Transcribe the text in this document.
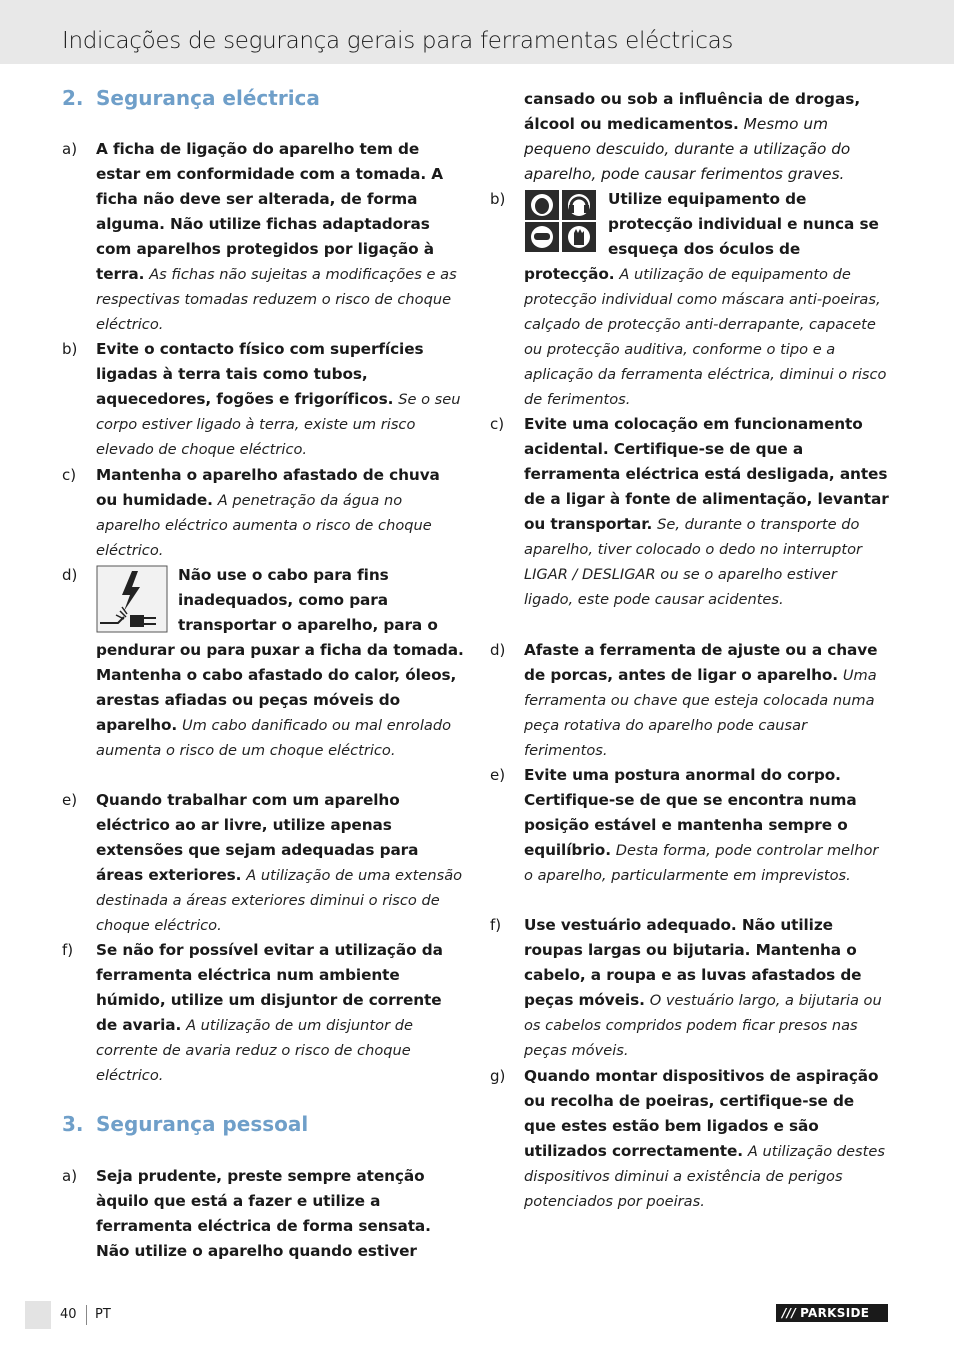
Indicações de segurança gerais para ferramentas eléctricas
2. Segurança eléctrica
a) A ficha de ligação do aparelho tem de estar em conformidade com a tomada. A ficha não deve ser alterada, de forma alguma. Não utilize fichas adaptadoras com aparelhos protegidos por ligação à terra. As fichas não sujeitas a modificações e as respectivas tomadas reduzem o risco de choque eléctrico.
b) Evite o contacto físico com superfícies ligadas à terra tais como tubos, aquecedores, fogões e frigoríficos. Se o seu corpo estiver ligado à terra, existe um risco elevado de choque eléctrico.
c) Mantenha o aparelho afastado de chuva ou humidade. A penetração da água no aparelho eléctrico aumenta o risco de choque eléctrico.
d)	Não use o cabo para fins inadequados, como para transportar o aparelho, para o pendurar ou para puxar a ficha da tomada. Mantenha o cabo afastado do calor, óleos, arestas afiadas ou peças móveis do aparelho. Um cabo danificado ou mal enrolado aumenta o risco de um choque eléctrico.
e) Quando trabalhar com um aparelho eléctrico ao ar livre, utilize apenas extensões que sejam adequadas para áreas exteriores. A utilização de uma extensão destinada a áreas exteriores diminui o risco de choque eléctrico.
f) Se não for possível evitar a utilização da ferramenta eléctrica num ambiente húmido, utilize um disjuntor de corrente de avaria. A utilização de um disjuntor de corrente de avaria reduz o risco de choque eléctrico.
3. Segurança pessoal
a) Seja prudente, preste sempre atenção àquilo que está a fazer e utilize a ferramenta eléctrica de forma sensata. Não utilize o aparelho quando estiver
cansado ou sob a influência de drogas, álcool ou medicamentos. Mesmo um pequeno descuido, durante a utilização do aparelho, pode causar ferimentos graves.
b)	Utilize equipamento de protecção individual e nunca se esqueça dos óculos de protecção. A utilização de equipamento de protecção individual como máscara anti-poeiras, calçado de protecção anti-derrapante, capacete ou protecção auditiva, conforme o tipo e a aplicação da ferramenta eléctrica, diminui o risco de ferimentos.
c) Evite uma colocação em funcionamento acidental. Certifique-se de que a ferramenta eléctrica está desligada, antes de a ligar à fonte de alimentação, levantar ou transportar. Se, durante o transporte do aparelho, tiver colocado o dedo no interruptor LIGAR / DESLIGAR ou se o aparelho estiver ligado, este pode causar acidentes.
d) Afaste a ferramenta de ajuste ou a chave de porcas, antes de ligar o aparelho. Uma ferramenta ou chave que esteja colocada numa peça rotativa do aparelho pode causar ferimentos.
e) Evite uma postura anormal do corpo. Certifique-se de que se encontra numa posição estável e mantenha sempre o equilíbrio. Desta forma, pode controlar melhor o aparelho, particularmente em imprevistos.
f) Use vestuário adequado. Não utilize roupas largas ou bijutaria. Mantenha o cabelo, a roupa e as luvas afastados de peças móveis. O vestuário largo, a bijutaria ou os cabelos compridos podem ficar presos nas peças móveis.
g) Quando montar dispositivos de aspiração ou recolha de poeiras, certifique-se de que estes estão bem ligados e são utilizados correctamente. A utilização destes dispositivos diminui a existência de perigos potenciados por poeiras.
40 PT	/// PARKSIDE
